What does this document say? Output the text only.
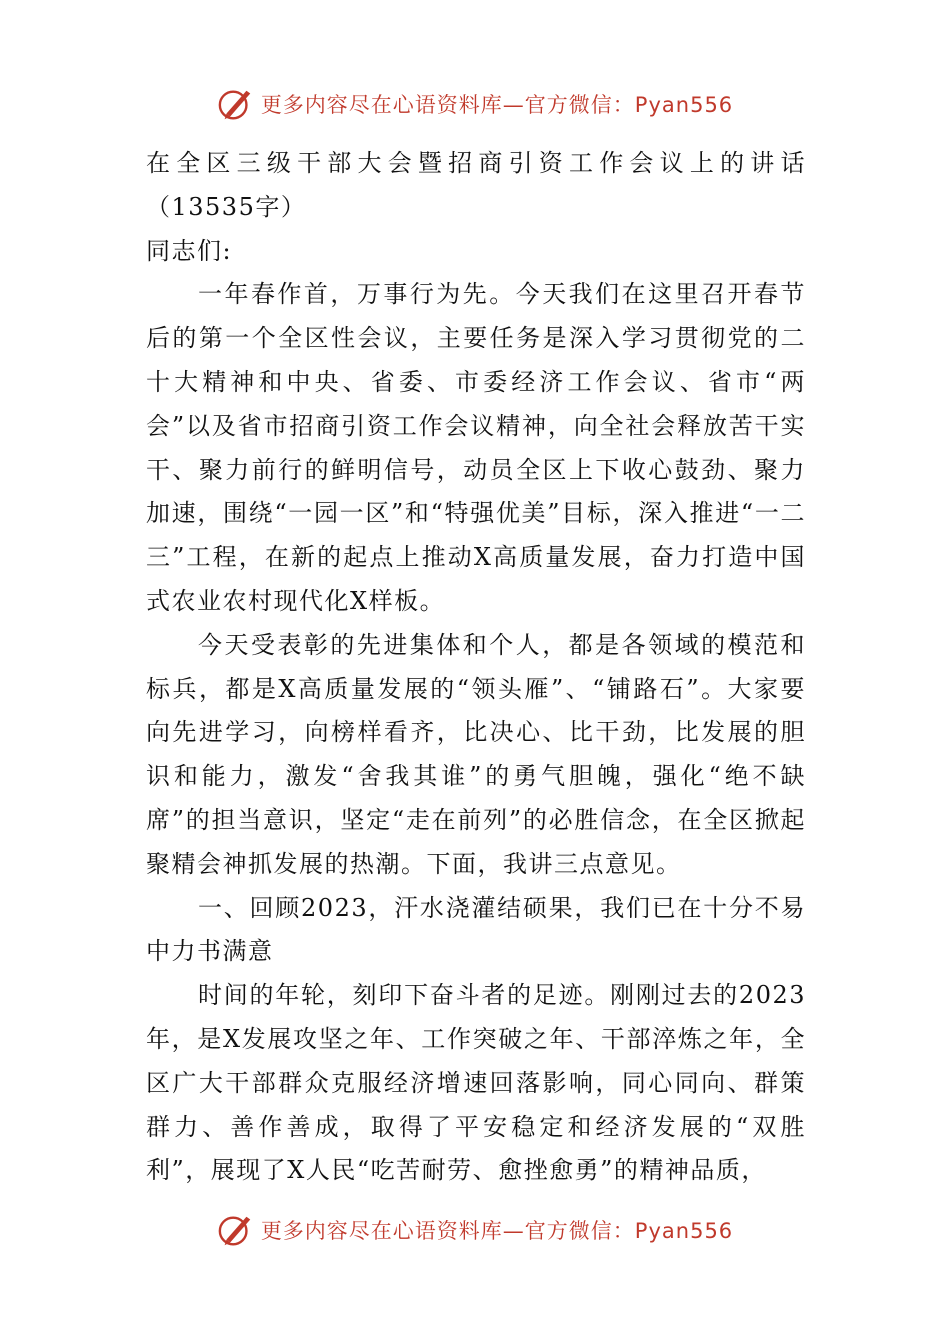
更多内容尽在心语资料库—官方微信：Pyan556

在全区三级干部大会暨招商引资工作会议上的讲话（13535字）

同志们:

一年春作首，万事行为先。今天我们在这里召开春节后的第一个全区性会议，主要任务是深入学习贯彻党的二十大精神和中央、省委、市委经济工作会议、省市“两会”以及省市招商引资工作会议精神，向全社会释放苦干实干、聚力前行的鲜明信号，动员全区上下收心鼓劲、聚力加速，围绕“一园一区”和“特强优美”目标，深入推进“一二三”工程，在新的起点上推动X高质量发展，奋力打造中国式农业农村现代化X样板。

今天受表彰的先进集体和个人，都是各领域的模范和标兵，都是X高质量发展的“领头雁”、“铺路石”。大家要向先进学习，向榜样看齐，比决心、比干劲，比发展的胆识和能力，激发“舍我其谁”的勇气胆魄，强化“绝不缺席”的担当意识，坚定“走在前列”的必胜信念，在全区掀起聚精会神抓发展的热潮。下面，我讲三点意见。

一、回顾2023，汗水浇灌结硕果，我们已在十分不易中力书满意

时间的年轮，刻印下奋斗者的足迹。刚刚过去的2023年，是X发展攻坚之年、工作突破之年、干部淬炼之年，全区广大干部群众克服经济增速回落影响，同心同向、群策群力、善作善成，取得了平安稳定和经济发展的“双胜利”，展现了X人民“吃苦耐劳、愈挫愈勇”的精神品质，

更多内容尽在心语资料库—官方微信：Pyan556
